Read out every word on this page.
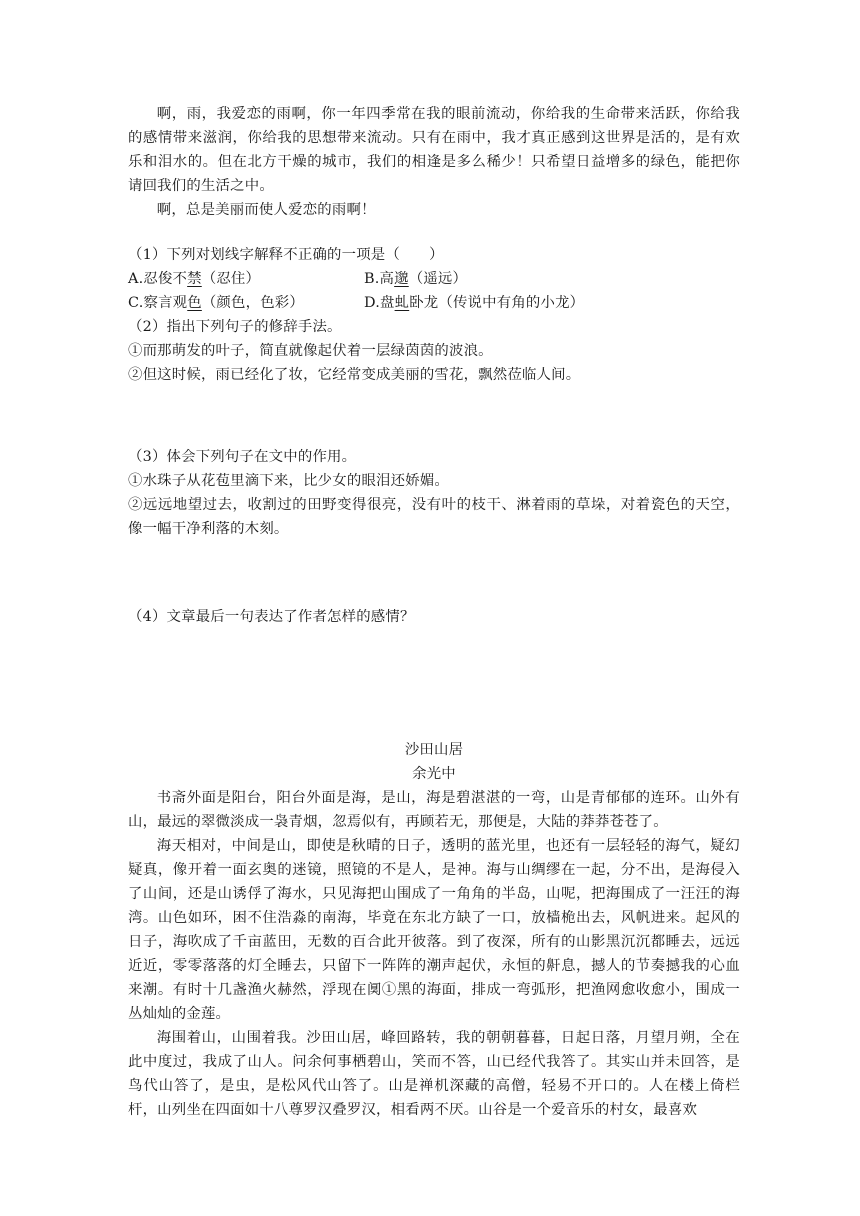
啊，雨，我爱恋的雨啊，你一年四季常在我的眼前流动，你给我的生命带来活跃，你给我的感情带来滋润，你给我的思想带来流动。只有在雨中，我才真正感到这世界是活的，是有欢乐和泪水的。但在北方干燥的城市，我们的相逢是多么稀少！只希望日益增多的绿色，能把你请回我们的生活之中。

啊，总是美丽而使人爱恋的雨啊！

（1）下列对划线字解释不正确的一项是（　　）

A.忍俊不禁（忍住）	B.高邈（遥远）
C.察言观色（颜色，色彩）	D.盘虬卧龙（传说中有角的小龙）

（2）指出下列句子的修辞手法。

①而那萌发的叶子，简直就像起伏着一层绿茵茵的波浪。

②但这时候，雨已经化了妆，它经常变成美丽的雪花，飘然莅临人间。

（3）体会下列句子在文中的作用。

①水珠子从花苞里滴下来，比少女的眼泪还娇媚。

②远远地望过去，收割过的田野变得很亮，没有叶的枝干、淋着雨的草垛，对着瓷色的天空，像一幅干净利落的木刻。

（4）文章最后一句表达了作者怎样的感情？

沙田山居

余光中

书斋外面是阳台，阳台外面是海，是山，海是碧湛湛的一弯，山是青郁郁的连环。山外有山，最远的翠微淡成一袅青烟，忽焉似有，再顾若无，那便是，大陆的莽莽苍苍了。

海天相对，中间是山，即使是秋晴的日子，透明的蓝光里，也还有一层轻轻的海气，疑幻疑真，像开着一面玄奥的迷镜，照镜的不是人，是神。海与山绸缪在一起，分不出，是海侵入了山间，还是山诱俘了海水，只见海把山围成了一角角的半岛，山呢，把海围成了一汪汪的海湾。山色如环，困不住浩淼的南海，毕竟在东北方缺了一口，放樯桅出去，风帆进来。起风的日子，海吹成了千亩蓝田，无数的百合此开彼落。到了夜深，所有的山影黑沉沉都睡去，远远近近，零零落落的灯全睡去，只留下一阵阵的潮声起伏，永恒的鼾息，撼人的节奏撼我的心血来潮。有时十几盏渔火赫然，浮现在阒①黑的海面，排成一弯弧形，把渔网愈收愈小，围成一丛灿灿的金莲。

海围着山，山围着我。沙田山居，峰回路转，我的朝朝暮暮，日起日落，月望月朔，全在此中度过，我成了山人。问余何事栖碧山，笑而不答，山已经代我答了。其实山并未回答，是鸟代山答了，是虫，是松风代山答了。山是禅机深藏的高僧，轻易不开口的。人在楼上倚栏杆，山列坐在四面如十八尊罗汉叠罗汉，相看两不厌。山谷是一个爱音乐的村女，最喜欢
